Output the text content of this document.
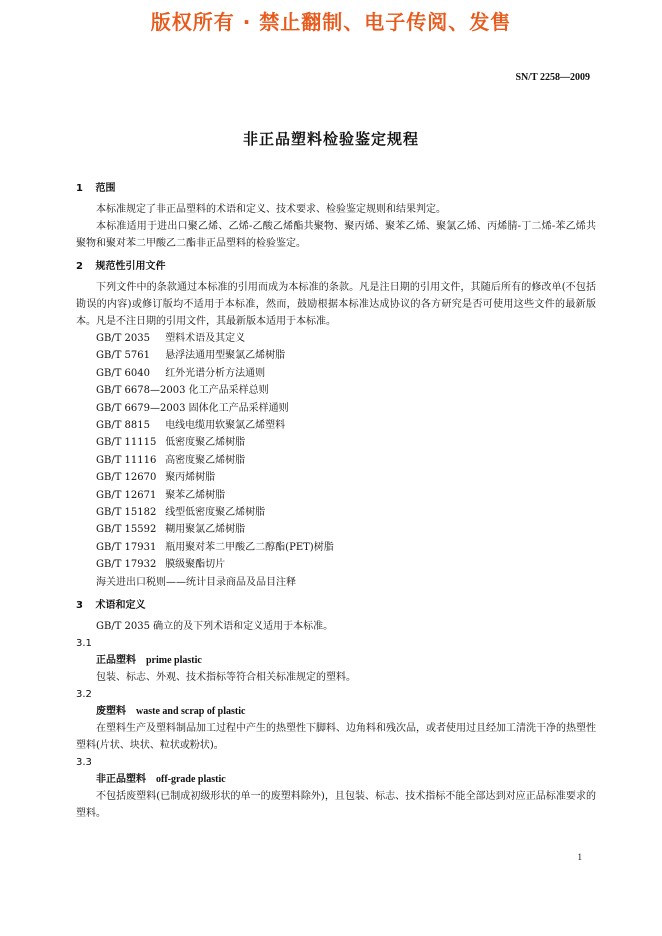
版权所有 · 禁止翻制、电子传阅、发售
SN/T 2258—2009
非正品塑料检验鉴定规程
1 范围
本标准规定了非正品塑料的术语和定义、技术要求、检验鉴定规则和结果判定。
本标准适用于进出口聚乙烯、乙烯-乙酸乙烯酯共聚物、聚丙烯、聚苯乙烯、聚氯乙烯、丙烯腈-丁二烯-苯乙烯共聚物和聚对苯二甲酸乙二酯非正品塑料的检验鉴定。
2 规范性引用文件
下列文件中的条款通过本标准的引用而成为本标准的条款。凡是注日期的引用文件，其随后所有的修改单(不包括勘误的内容)或修订版均不适用于本标准，然而，鼓励根据本标准达成协议的各方研究是否可使用这些文件的最新版本。凡是不注日期的引用文件，其最新版本适用于本标准。
GB/T 2035 塑料术语及其定义
GB/T 5761 悬浮法通用型聚氯乙烯树脂
GB/T 6040 红外光谱分析方法通则
GB/T 6678—2003 化工产品采样总则
GB/T 6679—2003 固体化工产品采样通则
GB/T 8815 电线电缆用软聚氯乙烯塑料
GB/T 11115 低密度聚乙烯树脂
GB/T 11116 高密度聚乙烯树脂
GB/T 12670 聚丙烯树脂
GB/T 12671 聚苯乙烯树脂
GB/T 15182 线型低密度聚乙烯树脂
GB/T 15592 糊用聚氯乙烯树脂
GB/T 17931 瓶用聚对苯二甲酸乙二醇酯(PET)树脂
GB/T 17932 膜级聚酯切片
海关进出口税则——统计目录商品及品目注释
3 术语和定义
GB/T 2035 确立的及下列术语和定义适用于本标准。
3.1
正品塑料 prime plastic
包装、标志、外观、技术指标等符合相关标准规定的塑料。
3.2
废塑料 waste and scrap of plastic
在塑料生产及塑料制品加工过程中产生的热塑性下脚料、边角料和残次品，或者使用过且经加工清洗干净的热塑性塑料(片状、块状、粒状或粉状)。
3.3
非正品塑料 off-grade plastic
不包括废塑料(已制成初级形状的单一的废塑料除外)，且包装、标志、技术指标不能全部达到对应正品标准要求的塑料。
1
